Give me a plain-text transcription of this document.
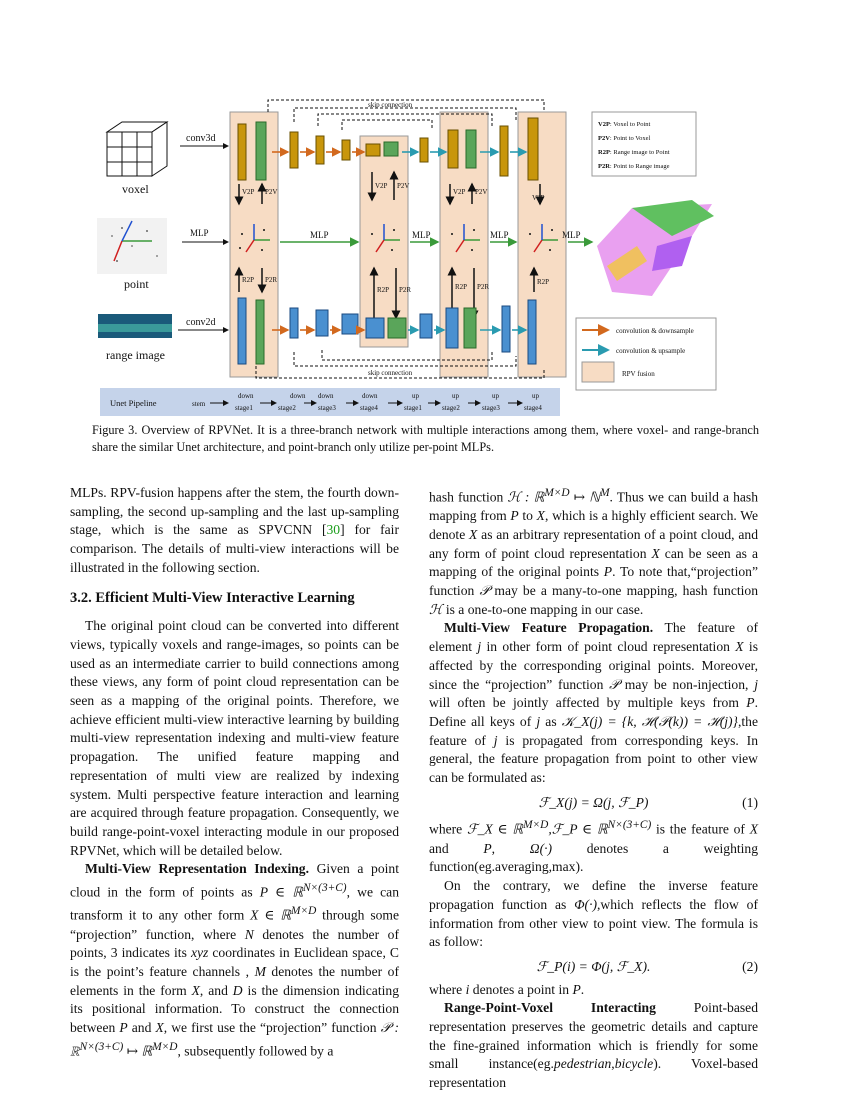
skip connection
voxel
conv3d
point
MLP
range image
conv2d
V2P P2V
V2P P2V
V2P P2V
V2P
MLP	MLP	MLP	MLP
R2P P2R
R2P P2R	R2P P2R
R2P
skip connection
V2P: Voxel to Point
P2V: Point to Voxel
R2P: Range image to Point
P2R: Point to Range image
convolution & downsample
convolution & upsample
RPV fusion
Unet Pipeline	stem
down
stage1
down
stage2
down
stage3
down
stage4
up
stage1
up
stage2
up
stage3
up
stage4
Figure 3. Overview of RPVNet. It is a three-branch network with multiple interactions among them, where voxel- and range-branch share the similar Unet architecture, and point-branch only utilize per-point MLPs.

MLPs. RPV-fusion happens after the stem, the fourth down-sampling, the second up-sampling and the last up-sampling stage, which is the same as SPVCNN [30] for fair comparison. The details of multi-view interactions will be illustrated in the following section.

3.2. Efficient Multi-View Interactive Learning

The original point cloud can be converted into different views, typically voxels and range-images, so points can be used as an intermediate carrier to build connections among these views, any form of point cloud representation can be seen as a mapping of the original points. Therefore, we achieve efficient multi-view interactive learning by building multi-view representation indexing and multi-view feature propagation. The unified feature mapping and representation of multi view are realized by indexing system. Multi perspective feature interaction and learning are acquired through feature propagation. Consequently, we build range-point-voxel interacting module in our proposed RPVNet, which will be detailed below.

Multi-View Representation Indexing. Given a point cloud in the form of points as P ∈ ℝ$^{N\times(3+C)}$, we can transform it to any other form X ∈ ℝ$^{M\times D}$ through some “projection” function, where N denotes the number of points, 3 indicates its xyz coordinates in Euclidean space, C is the point’s feature channels , M denotes the number of elements in the form X, and D is the dimension indicating its positional information. To construct the connection between P and X, we first use the “projection” function 𝒫 : ℝ$^{N\times(3+C)}$ ↦ ℝ$^{M\times D}$, subsequently followed by a

hash function ℋ : ℝ$^{M\times D}$ ↦ ℕ$^M$. Thus we can build a hash mapping from P to X, which is a highly efficient search. We denote X as an arbitrary representation of a point cloud, and any form of point cloud representation X can be seen as a mapping of the original points P. To note that,“projection” function 𝒫 may be a many-to-one mapping, hash function ℋ is a one-to-one mapping in our case.

Multi-View Feature Propagation. The feature of element j in other form of point cloud representation X is affected by the corresponding original points. Moreover, since the “projection” function 𝒫 may be non-injection, j will often be jointly affected by multiple keys from P. Define all keys of j as 𝒦_X(j) = {k, ℋ(𝒫(k)) = ℋ(j)},the feature of j is propagated from corresponding keys. In general, the feature propagation from point to other view can be formulated as:

ℱ_X(j) = Ω(j, ℱ_P)	(1)

where ℱ_X ∈ ℝ$^{M\times D}$,ℱ_P ∈ ℝ$^{N\times(3+C)}$ is the feature of X and P, Ω(·) denotes a weighting function(eg.averaging,max).

On the contrary, we define the inverse feature propagation function as Φ(·),which reflects the flow of information from other view to point view. The formula is as follow:

ℱ_P(i) = Φ(j, ℱ_X).	(2)

where i denotes a point in P.

Range-Point-Voxel Interacting Point-based representation preserves the geometric details and capture the fine-grained information which is friendly for some small instance(eg.pedestrian,bicycle). Voxel-based representation
